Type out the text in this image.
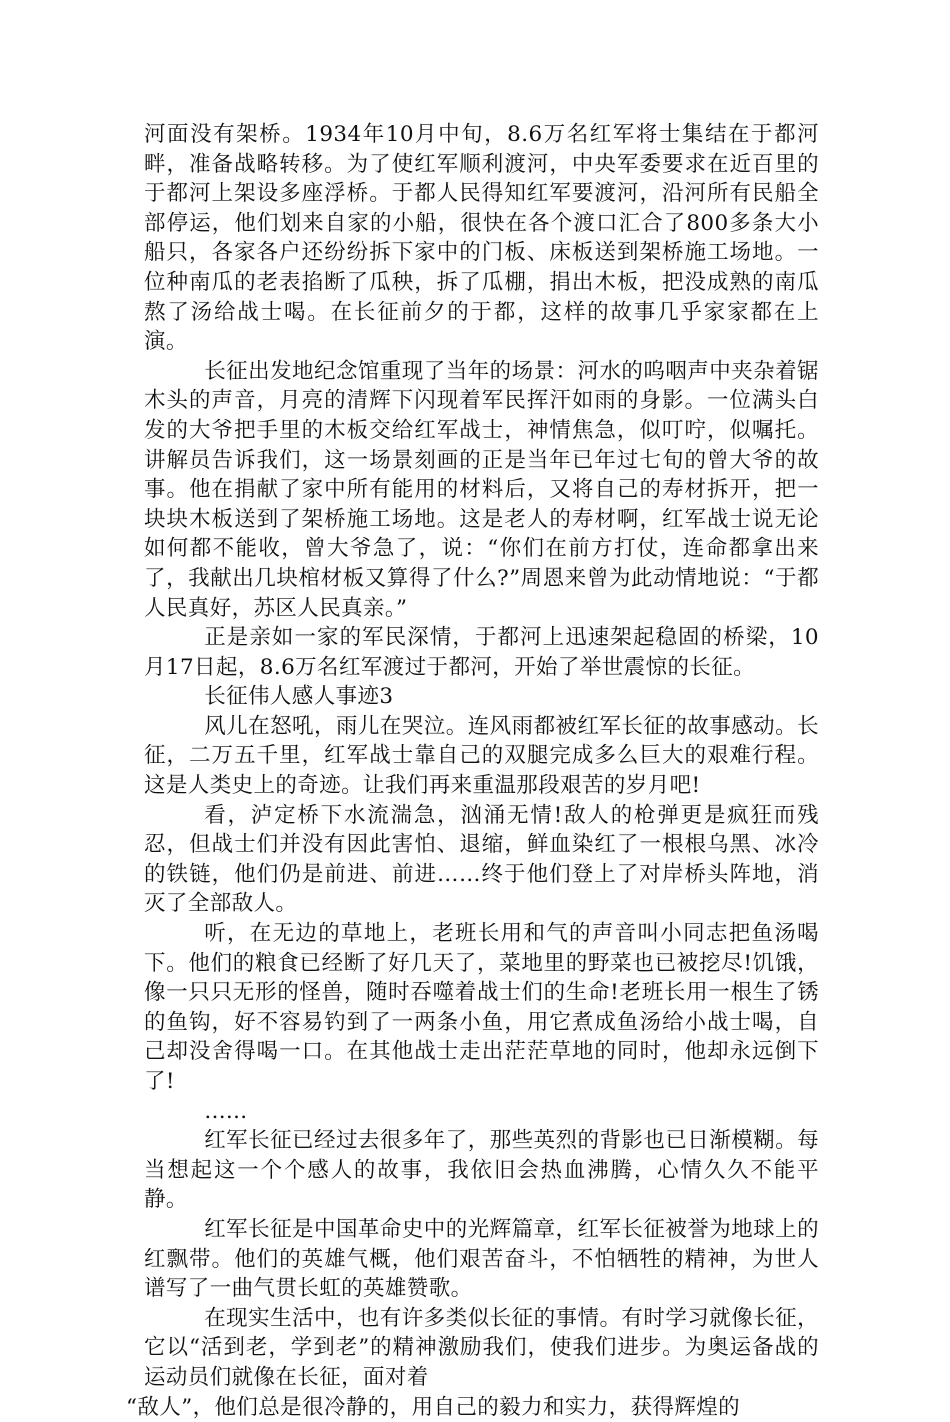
河面没有架桥。1934年10月中旬，8.6万名红军将士集结在于都河畔，准备战略转移。为了使红军顺利渡河，中央军委要求在近百里的于都河上架设多座浮桥。于都人民得知红军要渡河，沿河所有民船全部停运，他们划来自家的小船，很快在各个渡口汇合了800多条大小船只，各家各户还纷纷拆下家中的门板、床板送到架桥施工场地。一位种南瓜的老表掐断了瓜秧，拆了瓜棚，捐出木板，把没成熟的南瓜熬了汤给战士喝。在长征前夕的于都，这样的故事几乎家家都在上演。

长征出发地纪念馆重现了当年的场景：河水的呜咽声中夹杂着锯木头的声音，月亮的清辉下闪现着军民挥汗如雨的身影。一位满头白发的大爷把手里的木板交给红军战士，神情焦急，似叮咛，似嘱托。讲解员告诉我们，这一场景刻画的正是当年已年过七旬的曾大爷的故事。他在捐献了家中所有能用的材料后，又将自己的寿材拆开，把一块块木板送到了架桥施工场地。这是老人的寿材啊，红军战士说无论如何都不能收，曾大爷急了，说：“你们在前方打仗，连命都拿出来了，我献出几块棺材板又算得了什么?”周恩来曾为此动情地说：“于都人民真好，苏区人民真亲。”

正是亲如一家的军民深情，于都河上迅速架起稳固的桥梁，10月17日起，8.6万名红军渡过于都河，开始了举世震惊的长征。

长征伟人感人事迹3

风儿在怒吼，雨儿在哭泣。连风雨都被红军长征的故事感动。长征，二万五千里，红军战士靠自己的双腿完成多么巨大的艰难行程。这是人类史上的奇迹。让我们再来重温那段艰苦的岁月吧!

看，泸定桥下水流湍急，汹涌无情!敌人的枪弹更是疯狂而残忍，但战士们并没有因此害怕、退缩，鲜血染红了一根根乌黑、冰冷的铁链，他们仍是前进、前进……终于他们登上了对岸桥头阵地，消灭了全部敌人。

听，在无边的草地上，老班长用和气的声音叫小同志把鱼汤喝下。他们的粮食已经断了好几天了，菜地里的野菜也已被挖尽!饥饿，像一只只无形的怪兽，随时吞噬着战士们的生命!老班长用一根生了锈的鱼钩，好不容易钓到了一两条小鱼，用它煮成鱼汤给小战士喝，自己却没舍得喝一口。在其他战士走出茫茫草地的同时，他却永远倒下了!

……

红军长征已经过去很多年了，那些英烈的背影也已日渐模糊。每当想起这一个个感人的故事，我依旧会热血沸腾，心情久久不能平静。

红军长征是中国革命史中的光辉篇章，红军长征被誉为地球上的红飘带。他们的英雄气概，他们艰苦奋斗，不怕牺牲的精神，为世人谱写了一曲气贯长虹的英雄赞歌。

在现实生活中，也有许多类似长征的事情。有时学习就像长征，它以“活到老，学到老”的精神激励我们，使我们进步。为奥运备战的运动员们就像在长征，面对着

“敌人”，他们总是很冷静的，用自己的毅力和实力，获得辉煌的
